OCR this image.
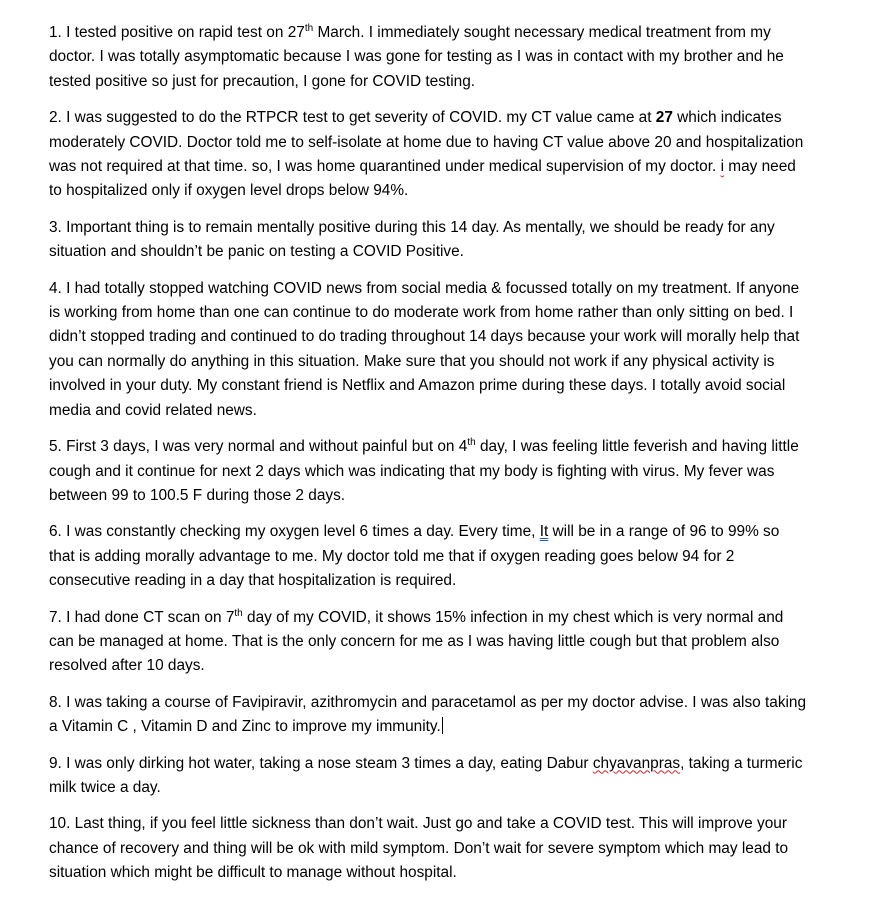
1. I tested positive on rapid test on 27th March. I immediately sought necessary medical treatment from my doctor. I was totally asymptomatic because I was gone for testing as I was in contact with my brother and he tested positive so just for precaution, I gone for COVID testing.

2. I was suggested to do the RTPCR test to get severity of COVID. my CT value came at 27 which indicates moderately COVID. Doctor told me to self-isolate at home due to having CT value above 20 and hospitalization was not required at that time. so, I was home quarantined under medical supervision of my doctor. i may need to hospitalized only if oxygen level drops below 94%.

3. Important thing is to remain mentally positive during this 14 day. As mentally, we should be ready for any situation and shouldn’t be panic on testing a COVID Positive.

4. I had totally stopped watching COVID news from social media & focussed totally on my treatment. If anyone is working from home than one can continue to do moderate work from home rather than only sitting on bed. I didn’t stopped trading and continued to do trading throughout 14 days because your work will morally help that you can normally do anything in this situation. Make sure that you should not work if any physical activity is involved in your duty. My constant friend is Netflix and Amazon prime during these days. I totally avoid social media and covid related news.

5. First 3 days, I was very normal and without painful but on 4th day, I was feeling little feverish and having little cough and it continue for next 2 days which was indicating that my body is fighting with virus. My fever was between 99 to 100.5 F during those 2 days.

6. I was constantly checking my oxygen level 6 times a day. Every time, It will be in a range of 96 to 99% so that is adding morally advantage to me. My doctor told me that if oxygen reading goes below 94 for 2 consecutive reading in a day that hospitalization is required.

7. I had done CT scan on 7th day of my COVID, it shows 15% infection in my chest which is very normal and can be managed at home. That is the only concern for me as I was having little cough but that problem also resolved after 10 days.

8. I was taking a course of Favipiravir, azithromycin and paracetamol as per my doctor advise. I was also taking a Vitamin C , Vitamin D and Zinc to improve my immunity.

9. I was only dirking hot water, taking a nose steam 3 times a day, eating Dabur chyavanpras, taking a turmeric milk twice a day.

10. Last thing, if you feel little sickness than don’t wait. Just go and take a COVID test. This will improve your chance of recovery and thing will be ok with mild symptom. Don’t wait for severe symptom which may lead to situation which might be difficult to manage without hospital.
